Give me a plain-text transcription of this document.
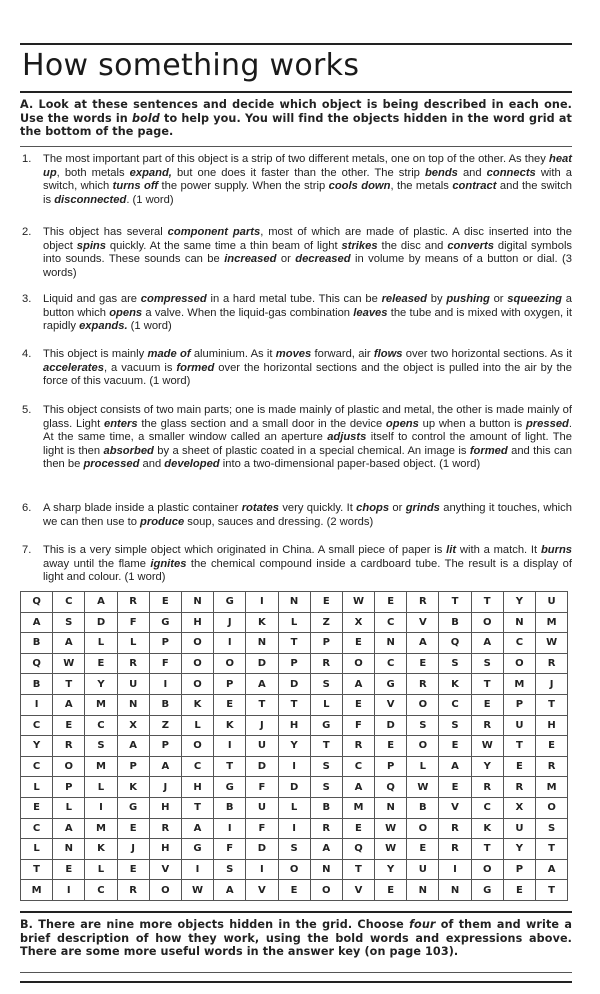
How something works

A. Look at these sentences and decide which object is being described in each one. Use the words in bold to help you. You will find the objects hidden in the word grid at the bottom of the page.

1. The most important part of this object is a strip of two different metals, one on top of the other. As they heat up, both metals expand, but one does it faster than the other. The strip bends and connects with a switch, which turns off the power supply. When the strip cools down, the metals contract and the switch is disconnected. (1 word)
2. This object has several component parts, most of which are made of plastic. A disc inserted into the object spins quickly. At the same time a thin beam of light strikes the disc and converts digital symbols into sounds. These sounds can be increased or decreased in volume by means of a button or dial. (3 words)
3. Liquid and gas are compressed in a hard metal tube. This can be released by pushing or squeezing a button which opens a valve. When the liquid-gas combination leaves the tube and is mixed with oxygen, it rapidly expands. (1 word)
4. This object is mainly made of aluminium. As it moves forward, air flows over two horizontal sections. As it accelerates, a vacuum is formed over the horizontal sections and the object is pulled into the air by the force of this vacuum. (1 word)
5. This object consists of two main parts; one is made mainly of plastic and metal, the other is made mainly of glass. Light enters the glass section and a small door in the device opens up when a button is pressed. At the same time, a smaller window called an aperture adjusts itself to control the amount of light. The light is then absorbed by a sheet of plastic coated in a special chemical. An image is formed and this can then be processed and developed into a two-dimensional paper-based object. (1 word)
6. A sharp blade inside a plastic container rotates very quickly. It chops or grinds anything it touches, which we can then use to produce soup, sauces and dressing. (2 words)
7. This is a very simple object which originated in China. A small piece of paper is lit with a match. It burns away until the flame ignites the chemical compound inside a cardboard tube. The result is a display of light and colour. (1 word)
Q	C	A	R	E	N	G	I	N	E	W	E	R	T	T	Y	U
A	S	D	F	G	H	J	K	L	Z	X	C	V	B	O	N	M
B	A	L	L	P	O	I	N	T	P	E	N	A	Q	A	C	W
Q	W	E	R	F	O	O	D	P	R	O	C	E	S	S	O	R
B	T	Y	U	I	O	P	A	D	S	A	G	R	K	T	M	J
I	A	M	N	B	K	E	T	T	L	E	V	O	C	E	P	T
C	E	C	X	Z	L	K	J	H	G	F	D	S	S	R	U	H
Y	R	S	A	P	O	I	U	Y	T	R	E	O	E	W	T	E
C	O	M	P	A	C	T	D	I	S	C	P	L	A	Y	E	R
L	P	L	K	J	H	G	F	D	S	A	Q	W	E	R	R	M
E	L	I	G	H	T	B	U	L	B	M	N	B	V	C	X	O
C	A	M	E	R	A	I	F	I	R	E	W	O	R	K	U	S
L	N	K	J	H	G	F	D	S	A	Q	W	E	R	T	Y	T
T	E	L	E	V	I	S	I	O	N	T	Y	U	I	O	P	A
M	I	C	R	O	W	A	V	E	O	V	E	N	N	G	E	T

B. There are nine more objects hidden in the grid. Choose four of them and write a brief description of how they work, using the bold words and expressions above. There are some more useful words in the answer key (on page 103).
